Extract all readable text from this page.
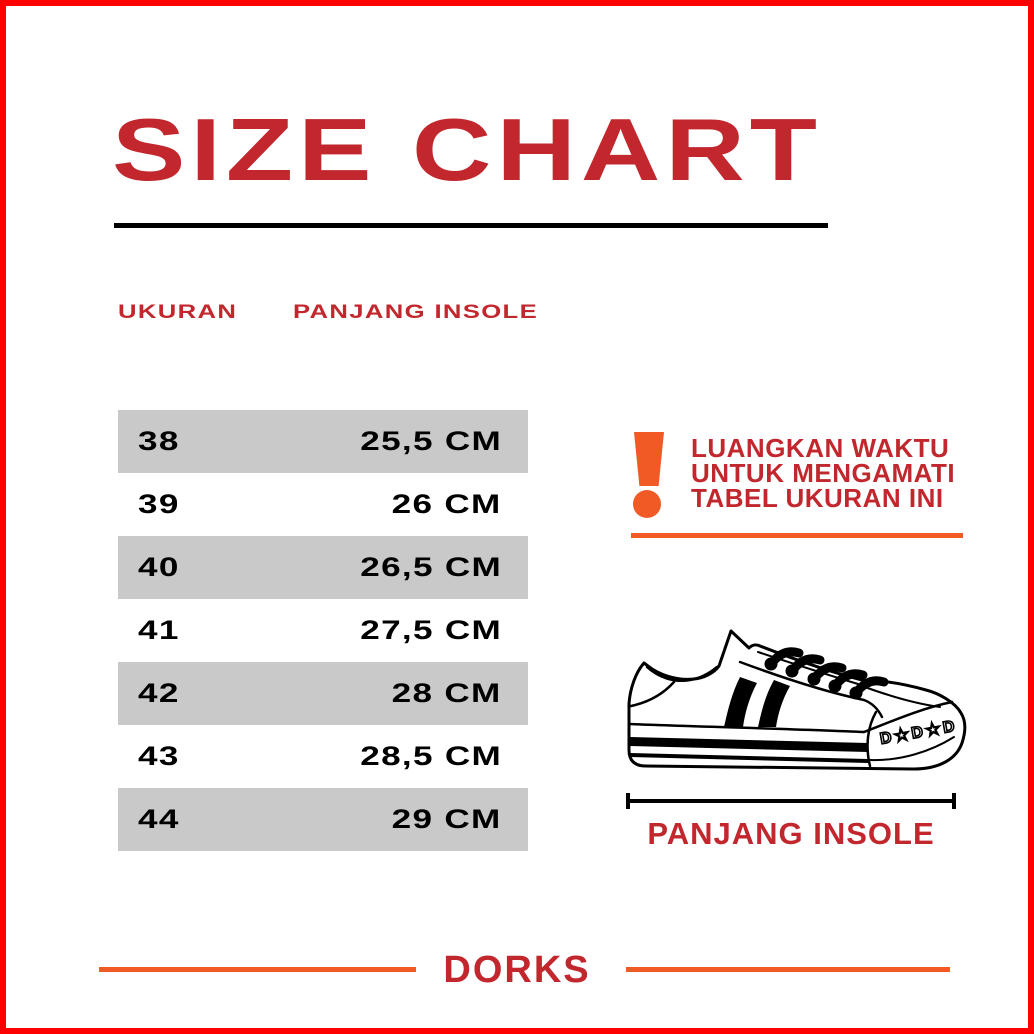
SIZE CHART
UKURAN	PANJANG INSOLE
38	25,5 CM
39	26 CM
40	26,5 CM
41	27,5 CM
42	28 CM
43	28,5 CM
44	29 CM
LUANGKAN WAKTU
UNTUK MENGAMATI
TABEL UKURAN INI
D★D★D
PANJANG INSOLE
DORKS
